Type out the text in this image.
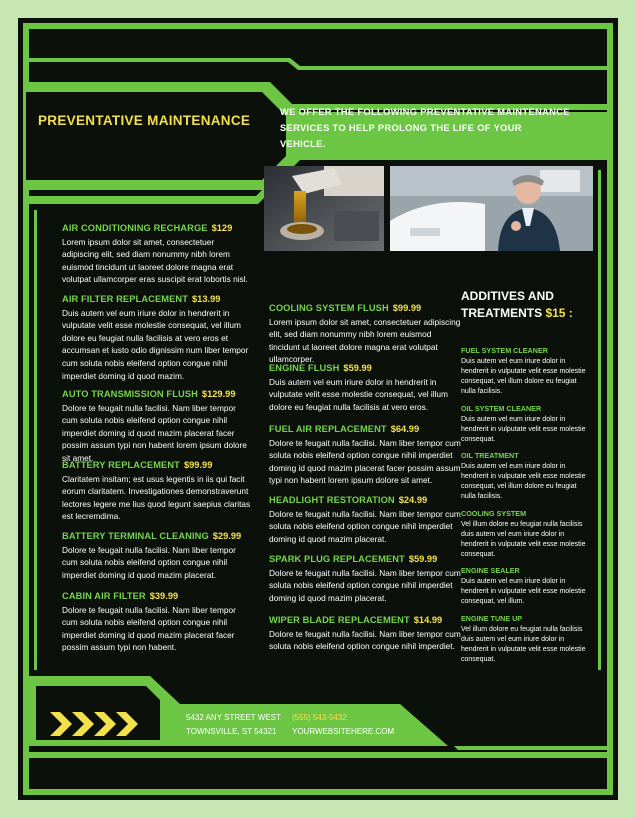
PREVENTATIVE MAINTENANCE
WE OFFER THE FOLLOWING PREVENTATIVE MAINTENANCE SERVICES TO HELP PROLONG THE LIFE OF YOUR VEHICLE.
AIR CONDITIONING RECHARGE $129
Lorem ipsum dolor sit amet, consectetuer adipiscing elit, sed diam nonummy nibh lorem euismod tincidunt ut laoreet dolore magna erat volutpat ullamcorper eras suscipit erat lobortis nisl.
AIR FILTER REPLACEMENT $13.99
Duis autem vel eum iriure dolor in hendrerit in vulputate velit esse molestie consequat, vel illum dolore eu feugiat nulla facilisis at vero eros et accumsan et iusto odio dignissim num liber tempor cum soluta nobis eleifend option congue nihil imperdiet doming id quod mazim.
AUTO TRANSMISSION FLUSH $129.99
Dolore te feugait nulla facilisi. Nam liber tempor cum soluta nobis eleifend option congue nihil imperdiet doming id quod mazim placerat facer possim assum typi non habent lorem ipsum dolore sit amet.
BATTERY REPLACEMENT $99.99
Claritatem insitam; est usus legentis in iis qui facit eorum claritatem. Investigationes demonstraverunt lectores legere me lius quod legunt saepius claritas est lecremdima.
BATTERY TERMINAL CLEANING $29.99
Dolore te feugait nulla facilisi. Nam liber tempor cum soluta nobis eleifend option congue nihil imperdiet doming id quod mazim placerat.
CABIN AIR FILTER $39.99
Dolore te feugait nulla facilisi. Nam liber tempor cum soluta nobis eleifend option congue nihil imperdiet doming id quod mazim placerat facer possim assum typi non habent.
COOLING SYSTEM FLUSH $99.99
Lorem ipsum dolor sit amet, consectetuer adipiscing elit, sed diam nonummy nibh lorem euismod tincidunt ut laoreet dolore magna erat volutpat ullamcorper.
ENGINE FLUSH $59.99
Duis autem vel eum iriure dolor in hendrerit in vulputate velit esse molestie consequat, vel illum dolore eu feugiat nulla facilisis at vero eros.
FUEL AIR REPLACEMENT $64.99
Dolore te feugait nulla facilisi. Nam liber tempor cum soluta nobis eleifend option congue nihil imperdiet doming id quod mazim placerat facer possim assum typi non habent lorem ipsum dolore sit amet.
HEADLIGHT RESTORATION $24.99
Dolore te feugait nulla facilisi. Nam liber tempor cum soluta nobis eleifend option congue nihil imperdiet doming id quod mazim placerat.
SPARK PLUG REPLACEMENT $59.99
Dolore te feugait nulla facilisi. Nam liber tempor cum soluta nobis eleifend option congue nihil imperdiet doming id quod mazim placerat.
WIPER BLADE REPLACEMENT $14.99
Dolore te feugait nulla facilisi. Nam liber tempor cum soluta nobis eleifend option congue nihil imperdiet.
ADDITIVES AND
TREATMENTS $15 :
FUEL SYSTEM CLEANER
Duis autem vel eum iriure dolor in hendrerit in vulputate velit esse molestie consequat, vel illum dolore eu feugiat nulla facilisis.
OIL SYSTEM CLEANER
Duis autem vel eum iriure dolor in hendrerit in vulputate velit esse molestie consequat.
OIL TREATMENT
Duis autem vel eum iriure dolor in hendrerit in vulputate velit esse molestie consequat, vel illum dolore eu feugiat nulla facilisis.
COOLING SYSTEM
Vel illum dolore eu feugiat nulla facilisis duis autem vel eum iriure dolor in hendrerit in vulputate velit esse molestie consequat.
ENGINE SEALER
Duis autem vel eum iriure dolor in hendrerit in vulputate velit esse molestie consequat, vel illum.
ENGINE TUNE UP
Vel illum dolore eu feugiat nulla facilisis duis autem vel eum iriure dolor in hendrerit in vulputate velit esse molestie consequat.
5432 ANY STREET WEST
TOWNSVILLE, ST 54321
(555) 543-5432
YOURWEBSITEHERE.COM
